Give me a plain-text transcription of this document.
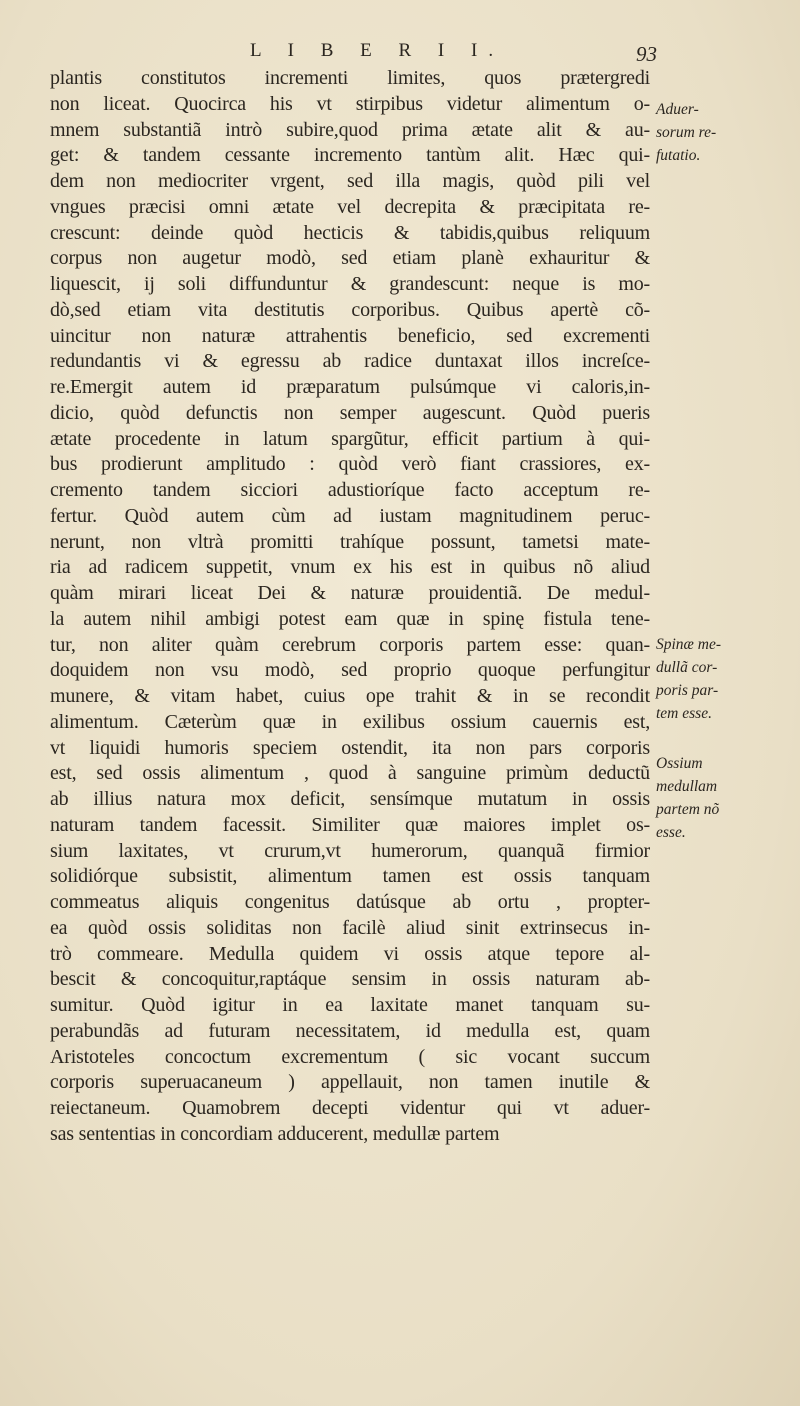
L I B E R I I.	93
plantis constitutos incrementi limites, quos prætergredi
non liceat. Quocirca his vt stirpibus videtur alimentum o-
mnem substantiã intrò subire,quod prima ætate alit & au-
get: & tandem cessante incremento tantùm alit. Hæc qui-
dem non mediocriter vrgent, sed illa magis, quòd pili vel
vngues præcisi omni ætate vel decrepita & præcipitata re-
crescunt: deinde quòd hecticis & tabidis,quibus reliquum
corpus non augetur modò, sed etiam planè exhauritur &
liquescit, ij soli diffunduntur & grandescunt: neque is mo-
dò,sed etiam vita destitutis corporibus. Quibus apertè cõ-
uincitur non naturæ attrahentis beneficio, sed excrementi
redundantis vi & egressu ab radice duntaxat illos increſce-
re.Emergit autem id præparatum pulsúmque vi caloris,in-
dicio, quòd defunctis non semper augescunt. Quòd pueris
ætate procedente in latum spargũtur, efficit partium à qui-
bus prodierunt amplitudo : quòd verò fiant crassiores, ex-
cremento tandem sicciori adustioríque facto acceptum re-
fertur. Quòd autem cùm ad iustam magnitudinem peruc-
nerunt, non vltrà promitti trahíque possunt, tametsi mate-
ria ad radicem suppetit, vnum ex his est in quibus nõ aliud
quàm mirari liceat Dei & naturæ prouidentiã. De medul-
la autem nihil ambigi potest eam quæ in spinę fistula tene-
tur, non aliter quàm cerebrum corporis partem esse: quan-
doquidem non vsu modò, sed proprio quoque perfungitur
munere, & vitam habet, cuius ope trahit & in se recondit
alimentum. Cæterùm quæ in exilibus ossium cauernis est,
vt liquidi humoris speciem ostendit, ita non pars corporis
est, sed ossis alimentum , quod à sanguine primùm deductũ
ab illius natura mox deficit, sensímque mutatum in ossis
naturam tandem facessit. Similiter quæ maiores implet os-
sium laxitates, vt crurum,vt humerorum, quanquã firmior
solidiórque subsistit, alimentum tamen est ossis tanquam
commeatus aliquis congenitus datúsque ab ortu , propter-
ea quòd ossis soliditas non facilè aliud sinit extrinsecus in-
trò commeare. Medulla quidem vi ossis atque tepore al-
bescit & concoquitur,raptáque sensim in ossis naturam ab-
sumitur. Quòd igitur in ea laxitate manet tanquam su-
perabundãs ad futuram necessitatem, id medulla est, quam
Aristoteles concoctum excrementum ( sic vocant succum
corporis superuacaneum ) appellauit, non tamen inutile &
reiectaneum. Quamobrem decepti videntur qui vt aduer-
sas sententias in concordiam adducerent, medullæ partem
Aduer-
sorum re-
futatio.
Spinæ me-
dullã cor-
poris par-
tem esse.
Ossium
medullam
partem nõ
esse.
